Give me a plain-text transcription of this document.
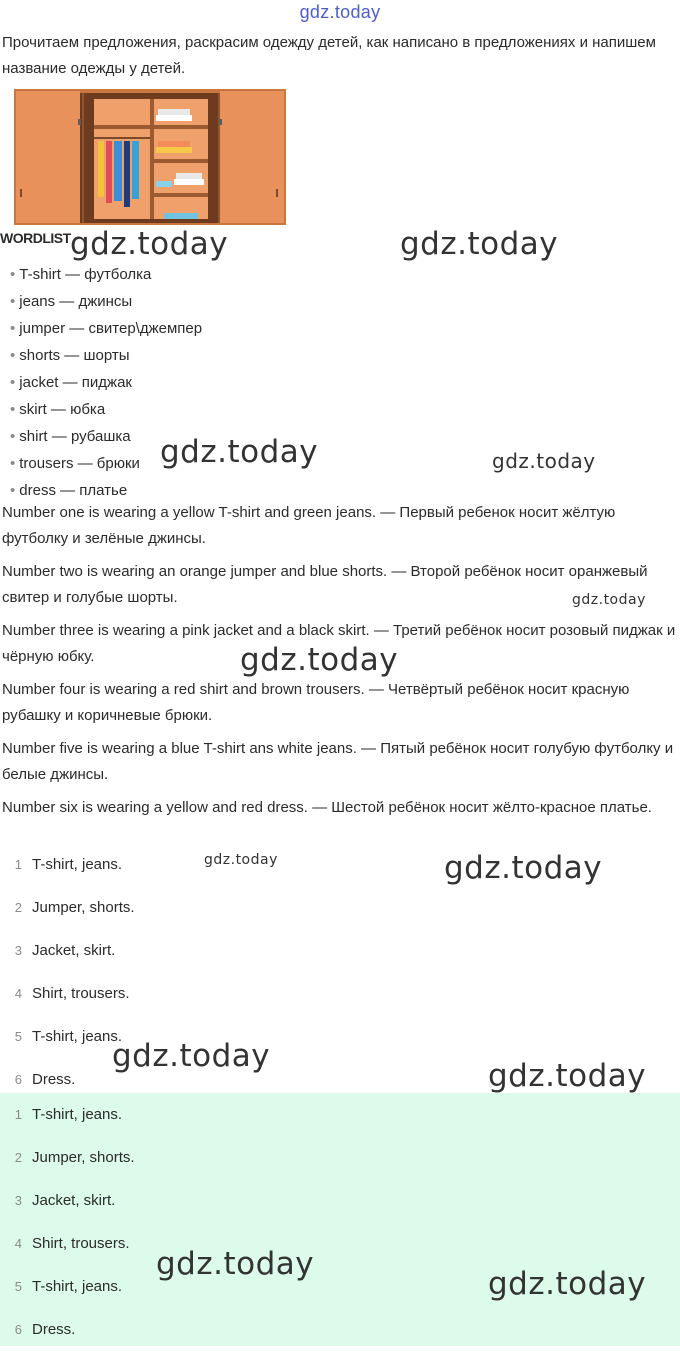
gdz.today
Прочитаем предложения, раскрасим одежду детей, как написано в предложениях и напишем название одежды у детей.
WORDLIST
• T-shirt — футболка
• jeans — джинсы
• jumper — свитер\джемпер
• shorts — шорты
• jacket — пиджак
• skirt — юбка
• shirt — рубашка
• trousers — брюки
• dress — платье

Number one is wearing a yellow T-shirt and green jeans. — Первый ребенок носит жёлтую футболку и зелёные джинсы.

Number two is wearing an orange jumper and blue shorts. — Второй ребёнок носит оранжевый свитер и голубые шорты.

Number three is wearing a pink jacket and a black skirt. — Третий ребёнок носит розовый пиджак и чёрную юбку.

Number four is wearing a red shirt and brown trousers. — Четвёртый ребёнок носит красную рубашку и коричневые брюки.

Number five is wearing a blue T-shirt ans white jeans. — Пятый ребёнок носит голубую футболку и белые джинсы.

Number six is wearing a yellow and red dress. — Шестой ребёнок носит жёлто-красное платье.

1 T-shirt, jeans.
2 Jumper, shorts.
3 Jacket, skirt.
4 Shirt, trousers.
5 T-shirt, jeans.
6 Dress.
1 T-shirt, jeans.
2 Jumper, shorts.
3 Jacket, skirt.
4 Shirt, trousers.
5 T-shirt, jeans.
6 Dress.
gdz.today	gdz.today
gdz.today	gdz.today
gdz.today
gdz.today
gdz.today	gdz.today
gdz.today
gdz.today
gdz.today
gdz.today
